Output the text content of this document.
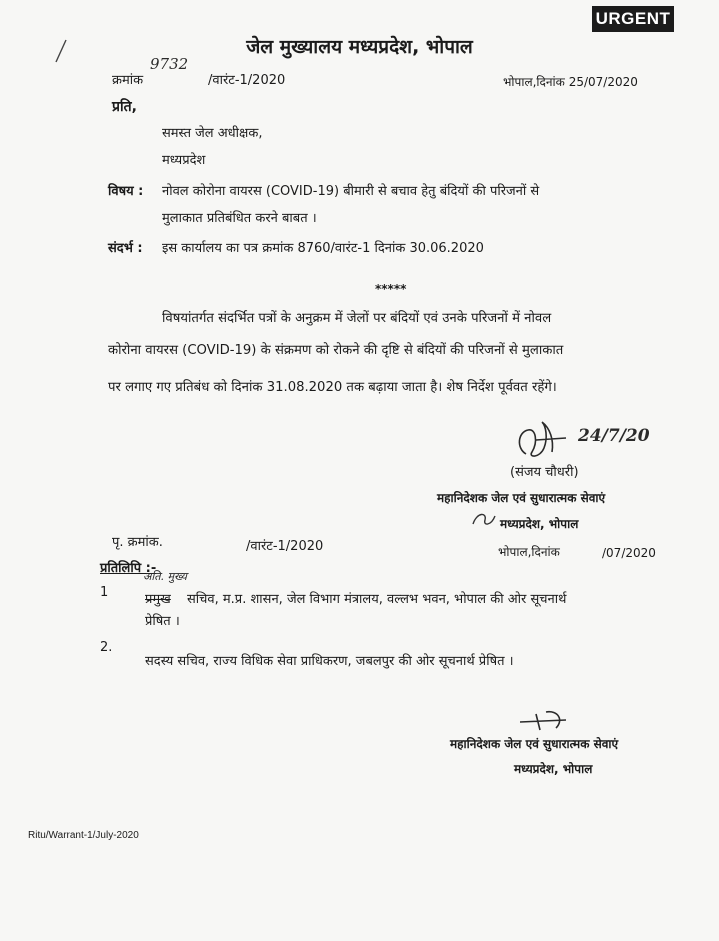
URGENT
जेल मुख्यालय मध्यप्रदेश, भोपाल
क्रमांक
9732
/वारंट-1/2020	भोपाल,दिनांक 25/07/2020
प्रति,
समस्त जेल अधीक्षक,
मध्यप्रदेश
विषय : नोवल कोरोना वायरस (COVID-19) बीमारी से बचाव हेतु बंदियों की परिजनों से
मुलाकात प्रतिबंधित करने बाबत ।
संदर्भ : इस कार्यालय का पत्र क्रमांक 8760/वारंट-1 दिनांक 30.06.2020
*****
विषयांतर्गत संदर्भित पत्रों के अनुक्रम में जेलों पर बंदियों एवं उनके परिजनों में नोवल
कोरोना वायरस (COVID-19) के संक्रमण को रोकने की दृष्टि से बंदियों की परिजनों से मुलाकात
पर लगाए गए प्रतिबंध को दिनांक 31.08.2020 तक बढ़ाया जाता है। शेष निर्देश पूर्ववत रहेंगे।
24/7/20
(संजय चौधरी)
महानिदेशक जेल एवं सुधारात्मक सेवाएं
मध्यप्रदेश, भोपाल
पृ. क्रमांक.	/वारंट-1/2020	भोपाल,दिनांक	/07/2020
प्रतिलिपि :-
अति. मुख्य
1	प्रमुख सचिव, म.प्र. शासन, जेल विभाग मंत्रालय, वल्लभ भवन, भोपाल की ओर सूचनार्थ
प्रेषित ।
2.
सदस्य सचिव, राज्य विधिक सेवा प्राधिकरण, जबलपुर की ओर सूचनार्थ प्रेषित ।
महानिदेशक जेल एवं सुधारात्मक सेवाएं
मध्यप्रदेश, भोपाल
Ritu/Warrant-1/July-2020
